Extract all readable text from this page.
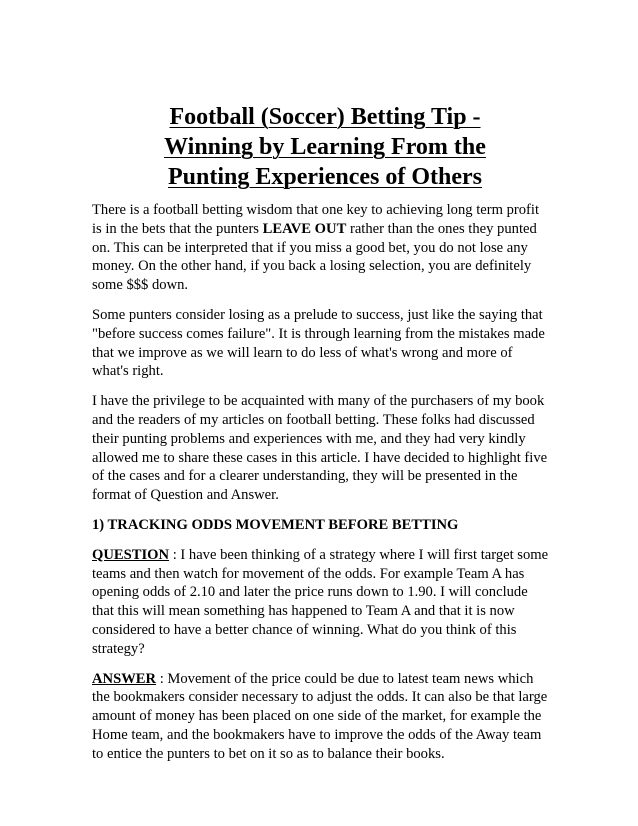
Football (Soccer) Betting Tip -
Winning by Learning From the
Punting Experiences of Others

There is a football betting wisdom that one key to achieving long term profit is in the bets that the punters LEAVE OUT rather than the ones they punted on. This can be interpreted that if you miss a good bet, you do not lose any money. On the other hand, if you back a losing selection, you are definitely some $$$ down.

Some punters consider losing as a prelude to success, just like the saying that "before success comes failure". It is through learning from the mistakes made that we improve as we will learn to do less of what's wrong and more of what's right.

I have the privilege to be acquainted with many of the purchasers of my book and the readers of my articles on football betting. These folks had discussed their punting problems and experiences with me, and they had very kindly allowed me to share these cases in this article. I have decided to highlight five of the cases and for a clearer understanding, they will be presented in the format of Question and Answer.

1) TRACKING ODDS MOVEMENT BEFORE BETTING

QUESTION : I have been thinking of a strategy where I will first target some teams and then watch for movement of the odds. For example Team A has opening odds of 2.10 and later the price runs down to 1.90. I will conclude that this will mean something has happened to Team A and that it is now considered to have a better chance of winning. What do you think of this strategy?

ANSWER : Movement of the price could be due to latest team news which the bookmakers consider necessary to adjust the odds. It can also be that large amount of money has been placed on one side of the market, for example the Home team, and the bookmakers have to improve the odds of the Away team to entice the punters to bet on it so as to balance their books.
